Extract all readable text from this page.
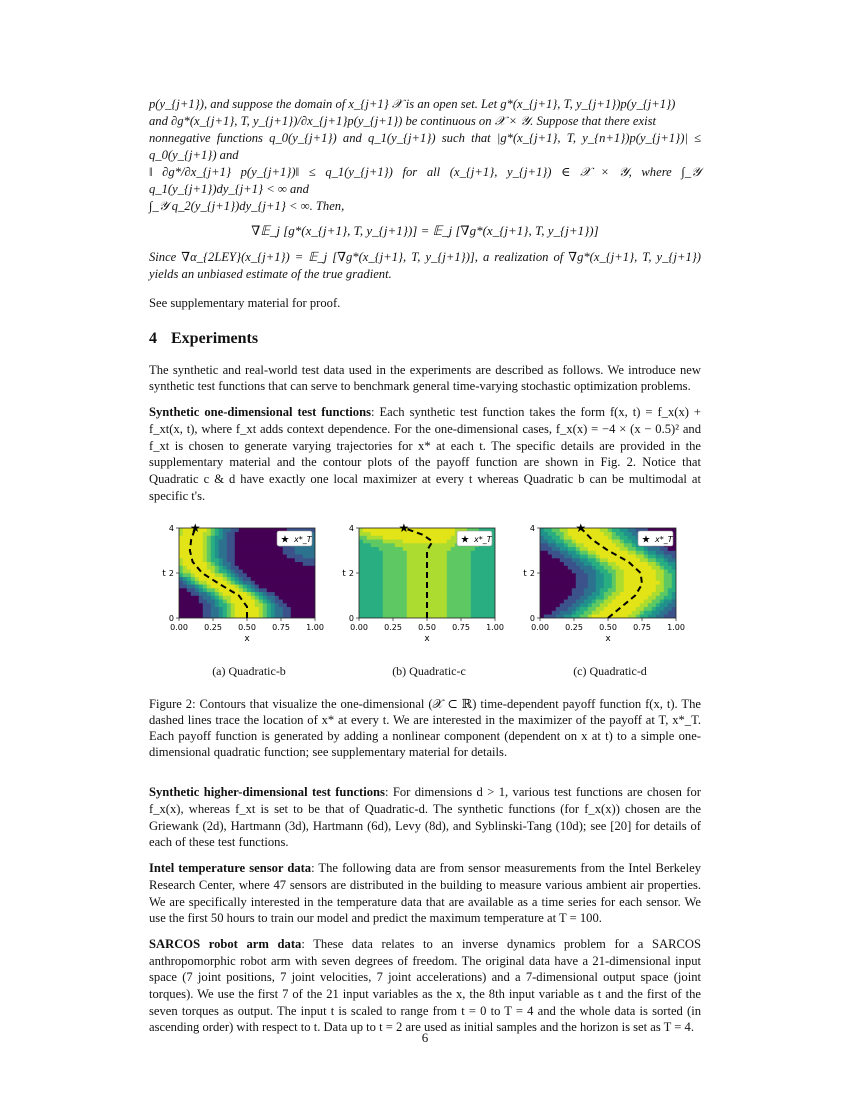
p(y_{j+1}), and suppose the domain of x_{j+1} 𝒳 is an open set. Let g*(x_{j+1}, T, y_{j+1})p(y_{j+1})

and ∂g*(x_{j+1}, T, y_{j+1})/∂x_{j+1}p(y_{j+1}) be continuous on 𝒳 × 𝒴. Suppose that there exist

nonnegative functions q_0(y_{j+1}) and q_1(y_{j+1}) such that |g*(x_{j+1}, T, y_{n+1})p(y_{j+1})| ≤ q_0(y_{j+1}) and

‖ ∂g*/∂x_{j+1} p(y_{j+1})‖ ≤ q_1(y_{j+1}) for all (x_{j+1}, y_{j+1}) ∈ 𝒳 × 𝒴, where ∫_𝒴 q_1(y_{j+1})dy_{j+1} < ∞ and

∫_𝒴 q_2(y_{j+1})dy_{j+1} < ∞. Then,

∇𝔼_j [g*(x_{j+1}, T, y_{j+1})] = 𝔼_j [∇g*(x_{j+1}, T, y_{j+1})]

Since ∇α_{2LEY}(x_{j+1}) = 𝔼_j [∇g*(x_{j+1}, T, y_{j+1})], a realization of ∇g*(x_{j+1}, T, y_{j+1}) yields an unbiased estimate of the true gradient.

See supplementary material for proof.

4 Experiments

The synthetic and real-world test data used in the experiments are described as follows. We introduce new synthetic test functions that can serve to benchmark general time-varying stochastic optimization problems.

Synthetic one-dimensional test functions: Each synthetic test function takes the form f(x, t) = f_x(x) + f_xt(x, t), where f_xt adds context dependence. For the one-dimensional cases, f_x(x) = −4 × (x − 0.5)² and f_xt is chosen to generate varying trajectories for x* at each t. The specific details are provided in the supplementary material and the contour plots of the payoff function are shown in Fig. 2. Notice that Quadratic c & d have exactly one local maximizer at every t whereas Quadratic b can be multimodal at specific t's.

★
★ x*_T
0.00 0.25 0.50 0.75 1.00
0
2
4
x
t
★
★ x*_T
0.00 0.25 0.50 0.75 1.00
0
2
4
x
t
★
★ x*_T
0.00 0.25 0.50 0.75 1.00
0
2
4
x
t
(a) Quadratic-b	(b) Quadratic-c	(c) Quadratic-d

Figure 2: Contours that visualize the one-dimensional (𝒳 ⊂ ℝ) time-dependent payoff function f(x, t). The dashed lines trace the location of x* at every t. We are interested in the maximizer of the payoff at T, x*_T. Each payoff function is generated by adding a nonlinear component (dependent on x at t) to a simple one-dimensional quadratic function; see supplementary material for details.

Synthetic higher-dimensional test functions: For dimensions d > 1, various test functions are chosen for f_x(x), whereas f_xt is set to be that of Quadratic-d. The synthetic functions (for f_x(x)) chosen are the Griewank (2d), Hartmann (3d), Hartmann (6d), Levy (8d), and Syblinski-Tang (10d); see [20] for details of each of these test functions.

Intel temperature sensor data: The following data are from sensor measurements from the Intel Berkeley Research Center, where 47 sensors are distributed in the building to measure various ambient air properties. We are specifically interested in the temperature data that are available as a time series for each sensor. We use the first 50 hours to train our model and predict the maximum temperature at T = 100.

SARCOS robot arm data: These data relates to an inverse dynamics problem for a SARCOS anthropomorphic robot arm with seven degrees of freedom. The original data have a 21-dimensional input space (7 joint positions, 7 joint velocities, 7 joint accelerations) and a 7-dimensional output space (joint torques). We use the first 7 of the 21 input variables as the x, the 8th input variable as t and the first of the seven torques as output. The input t is scaled to range from t = 0 to T = 4 and the whole data is sorted (in ascending order) with respect to t. Data up to t = 2 are used as initial samples and the horizon is set as T = 4.

6
